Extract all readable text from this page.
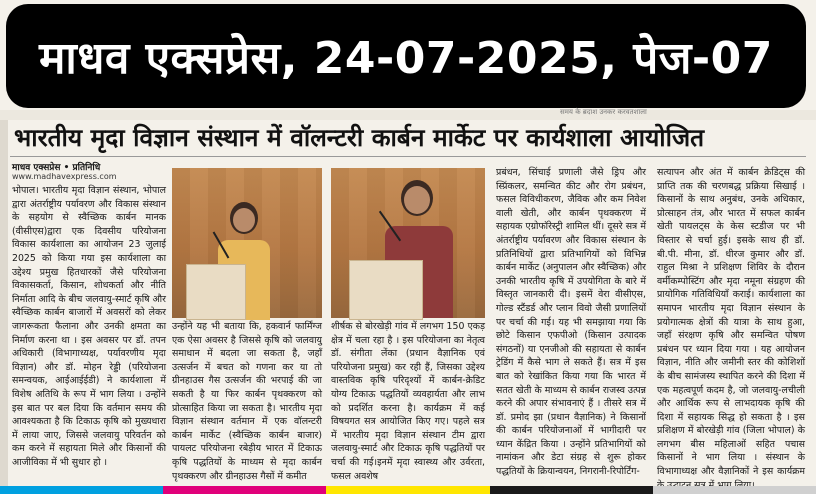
माधव एक्सप्रेस, 24-07-2025, पेज-07
समय के ब्रदाश उनकर करवतशाला
भारतीय मृदा विज्ञान संस्थान में वॉलन्टरी कार्बन मार्केट पर कार्यशाला आयोजित
माधव एक्सप्रेस • प्रतिनिधि
www.madhavexpress.com
भोपाल। भारतीय मृदा विज्ञान संस्थान, भोपाल द्वारा अंतर्राष्ट्रीय पर्यावरण और विकास संस्थान के सहयोग से स्वैच्छिक कार्बन मानक (वीसीएस)द्वारा एक दिवसीय परियोजना विकास कार्यशाला का आयोजन 23 जुलाई 2025 को किया गया इस कार्यशाला का उद्देश्य प्रमुख हितधारकों जैसे परियोजना विकासकर्ता, किसान, शोधकर्ता और नीति निर्माता आदि के बीच जलवायु-स्मार्ट कृषि और स्वैच्छिक कार्बन बाजारों में अवसरों को लेकर जागरूकता फैलाना और उनकी क्षमता का निर्माण करना था । इस अवसर पर डॉ. तपन अधिकारी (विभागाध्यक्ष, पर्यावरणीय मृदा विज्ञान) और डॉ. मोहन रेड्डी (परियोजना समन्वयक, आईआईईडी) ने कार्यशाला में विशेष अतिथि के रूप में भाग लिया । उन्होंने इस बात पर बल दिया कि वर्तमान समय की आवश्यकता है कि टिकाऊ कृषि को मुख्यधारा में लाया जाए, जिससे जलवायु परिवर्तन को कम करने में सहायता मिले और किसानों की आजीविका में भी सुधार हो ।
उन्होंने यह भी बताया कि, हकवार्न फार्मिंग्ज एक ऐसा अवसर है जिससे कृषि को जलवायु समाधान में बदला जा सकता है, जहाँ उत्सर्जन में बचत को गणना कर या तो ग्रीनहाउस गैस उत्सर्जन की भरपाई की जा सकती है या फिर कार्बन पृथक्करण को प्रोत्साहित किया जा सकता है। भारतीय मृदा विज्ञान संस्थान वर्तमान में एक वॉलन्टरी कार्बन मार्केट (स्वैच्छिक कार्बन बाजार) पायलट परियोजना रबेड़ीय भारत में टिकाऊ कृषि पद्धतियों के माध्यम से मृदा कार्बन पृथक्करण और ग्रीनहाउस गैसों में कमीत
शीर्षक से बोरखेड़ी गांव में लगभग 150 एकड़ क्षेत्र में चला रहा है । इस परियोजना का नेतृत्व डॉ. संगीता लेंका (प्रधान वैज्ञानिक एवं परियोजना प्रमुख) कर रही हैं, जिसका उद्देश्य वास्तविक कृषि परिदृश्यों में कार्बन-क्रेडिट योग्य टिकाऊ पद्धतियों व्यवहार्यता और लाभ को प्रदर्शित करना है। कार्यक्रम में कई विषयगत सत्र आयोजित किए गए। पहले सत्र में भारतीय मृदा विज्ञान संस्थान टीम द्वारा जलवायु-स्मार्ट और टिकाऊ कृषि पद्धतियों पर चर्चा की गई।इनमें मृदा स्वास्थ्य और उर्वरता, फसल अवशेष
प्रबंधन, सिंचाई प्रणाली जैसे ड्रिप और स्प्रिंकलर, समन्वित कीट और रोग प्रबंधन, फसल विविधीकरण, जैविक और कम निवेश वाली खेती, और कार्बन पृथक्करण में सहायक एग्रोफॉरेस्ट्री शामिल थीं। दूसरे सत्र में अंतर्राष्ट्रीय पर्यावरण और विकास संस्थान के प्रतिनिधियों द्वारा प्रतिभागियों को विभिन्न कार्बन मार्केट (अनुपालन और स्वैच्छिक) और उनकी भारतीय कृषि में उपयोगिता के बारे में विस्तृत जानकारी दी। इसमें वेरा वीसीएस, गोल्ड स्टैंडर्ड और प्लान विवो जैसी प्रणालियों पर चर्चा की गई। यह भी समझाया गया कि छोटे किसान एफपीओ (किसान उत्पादक संगठनों) या एनजीओ की सहायता से कार्बन ट्रेडिंग में कैसे भाग ले सकते हैं। सत्र में इस बात को रेखांकित किया गया कि भारत में सतत खेती के माध्यम से कार्बन राजस्व उत्पन्न करने की अपार संभावनाएं हैं । तीसरे सत्र में डॉ. प्रमोद झा (प्रधान वैज्ञानिक) ने किसानों की कार्बन परियोजनाओं में भागीदारी पर ध्यान केंद्रित किया । उन्होंने प्रतिभागियों को नामांकन और डेटा संग्रह से शुरू होकर पद्धतियों के क्रियान्वयन, निगरानी-रिपोर्टिंग-
सत्यापन और अंत में कार्बन क्रेडिट्स की प्राप्ति तक की चरणबद्ध प्रक्रिया सिखाई । किसानों के साथ अनुबंध, उनके अधिकार, प्रोत्साहन तंत्र, और भारत में सफल कार्बन खेती पायलट्स के केस स्टडीज पर भी विस्तार से चर्चा हुई। इसके साथ ही डॉ. बी.पी. मीना, डॉ. धीरज कुमार और डॉ. राहुल मिश्रा ने प्रशिक्षण शिविर के दौरान वर्मीकम्पोस्टिंग और मृदा नमूना संग्रहण की प्रायोगिक गतिविधियाँ कराई। कार्यशाला का समापन भारतीय मृदा विज्ञान संस्थान के प्रयोगात्मक क्षेत्रों की यात्रा के साथ हुआ, जहाँ संरक्षण कृषि और समन्वित पोषण प्रबंधन पर ध्यान दिया गया । यह आयोजन विज्ञान, नीति और जमीनी स्तर की कोशिशों के बीच सामंजस्य स्थापित करने की दिशा में एक महत्वपूर्ण कदम है, जो जलवायु-लचीली और आर्थिक रूप से लाभदायक कृषि की दिशा में सहायक सिद्ध हो सकता है । इस प्रशिक्षण में बोरखेड़ी गांव (जिला भोपाल) के लगभग बीस महिलाओं सहित पचास किसानों ने भाग लिया । संस्थान के विभागाध्यक्ष और वैज्ञानिकों ने इस कार्यक्रम
